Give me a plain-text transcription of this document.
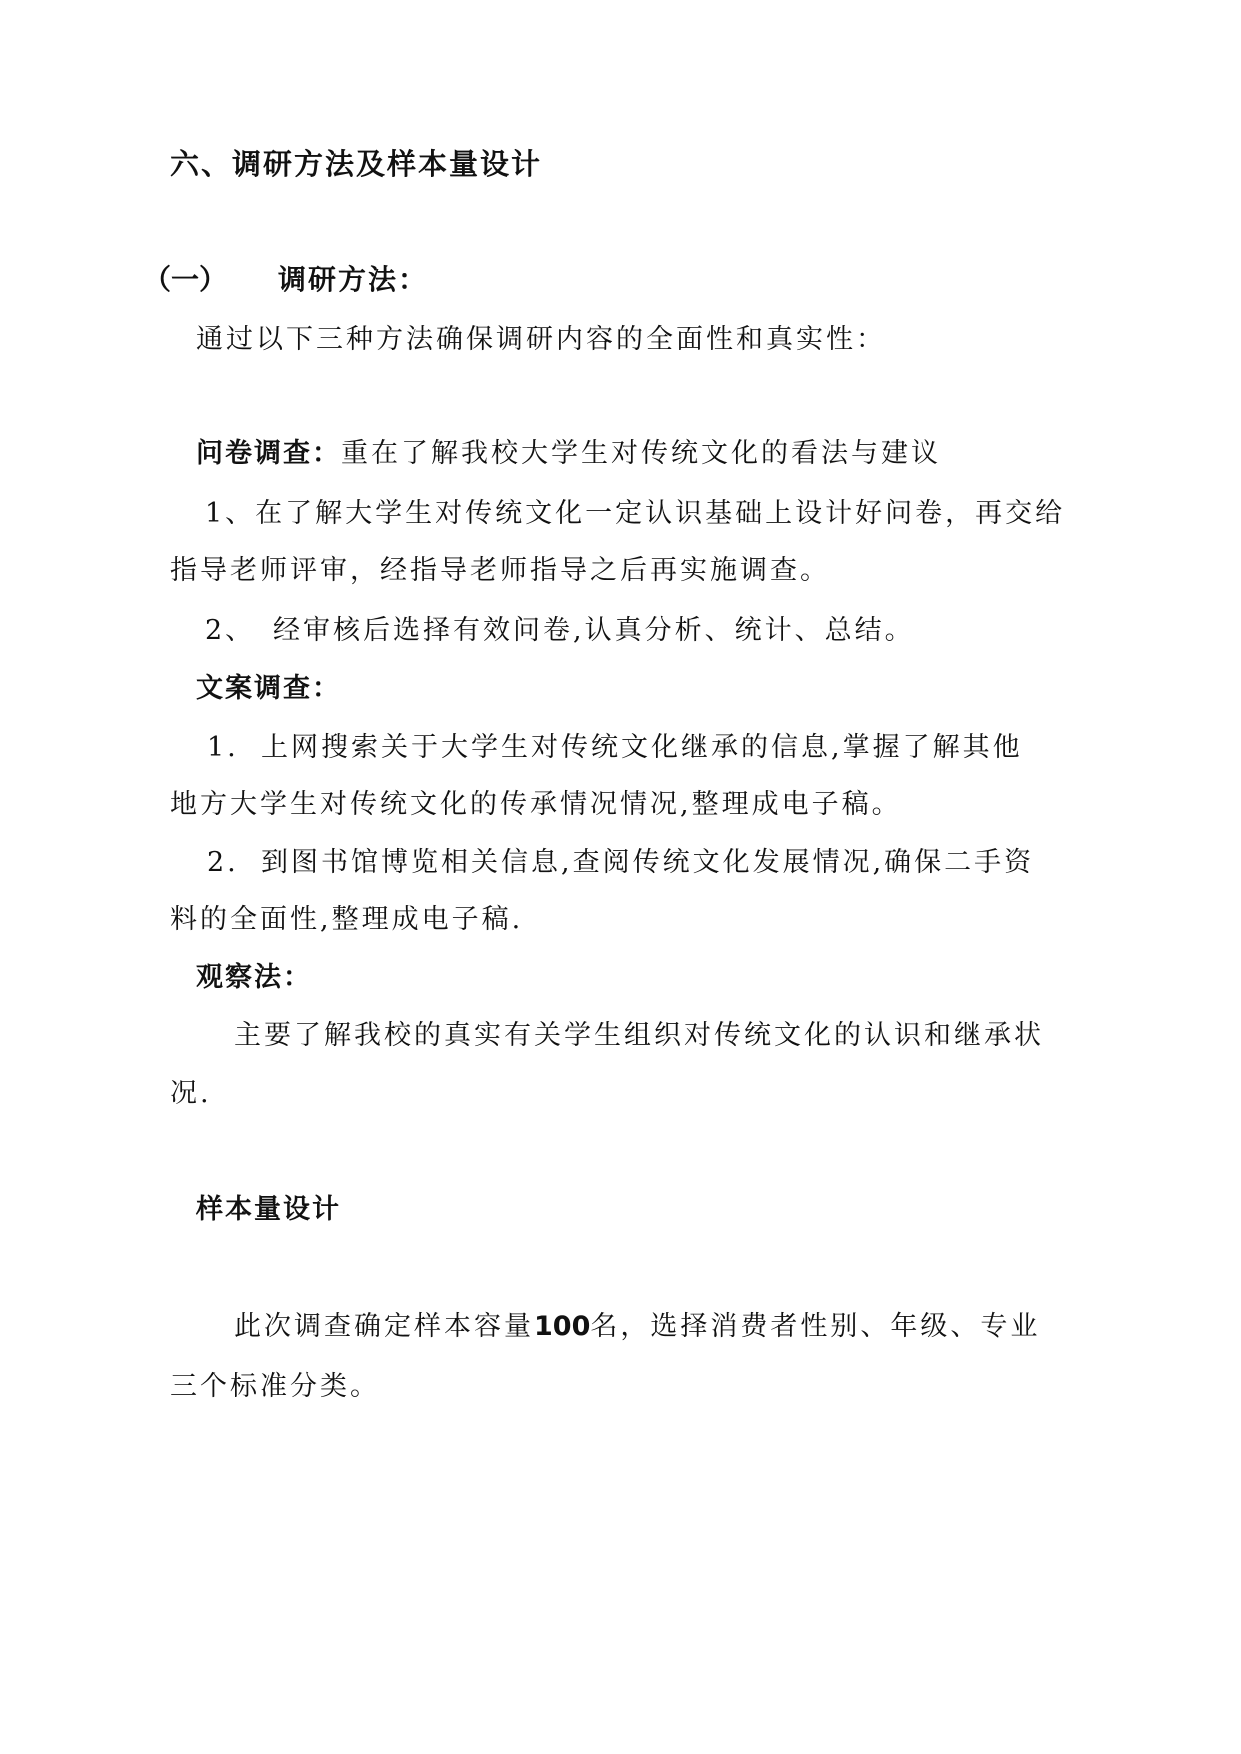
六、调研方法及样本量设计
（一） 调研方法：
通过以下三种方法确保调研内容的全面性和真实性：
问卷调查：重在了解我校大学生对传统文化的看法与建议
1、在了解大学生对传统文化一定认识基础上设计好问卷，再交给
指导老师评审，经指导老师指导之后再实施调查。
2、 经审核后选择有效问卷,认真分析、统计、总结。
文案调查：
1. 上网搜索关于大学生对传统文化继承的信息,掌握了解其他
地方大学生对传统文化的传承情况情况,整理成电子稿。
2. 到图书馆博览相关信息,查阅传统文化发展情况,确保二手资
料的全面性,整理成电子稿.
观察法：
主要了解我校的真实有关学生组织对传统文化的认识和继承状
况.
样本量设计
此次调查确定样本容量100名，选择消费者性别、年级、专业
三个标准分类。
